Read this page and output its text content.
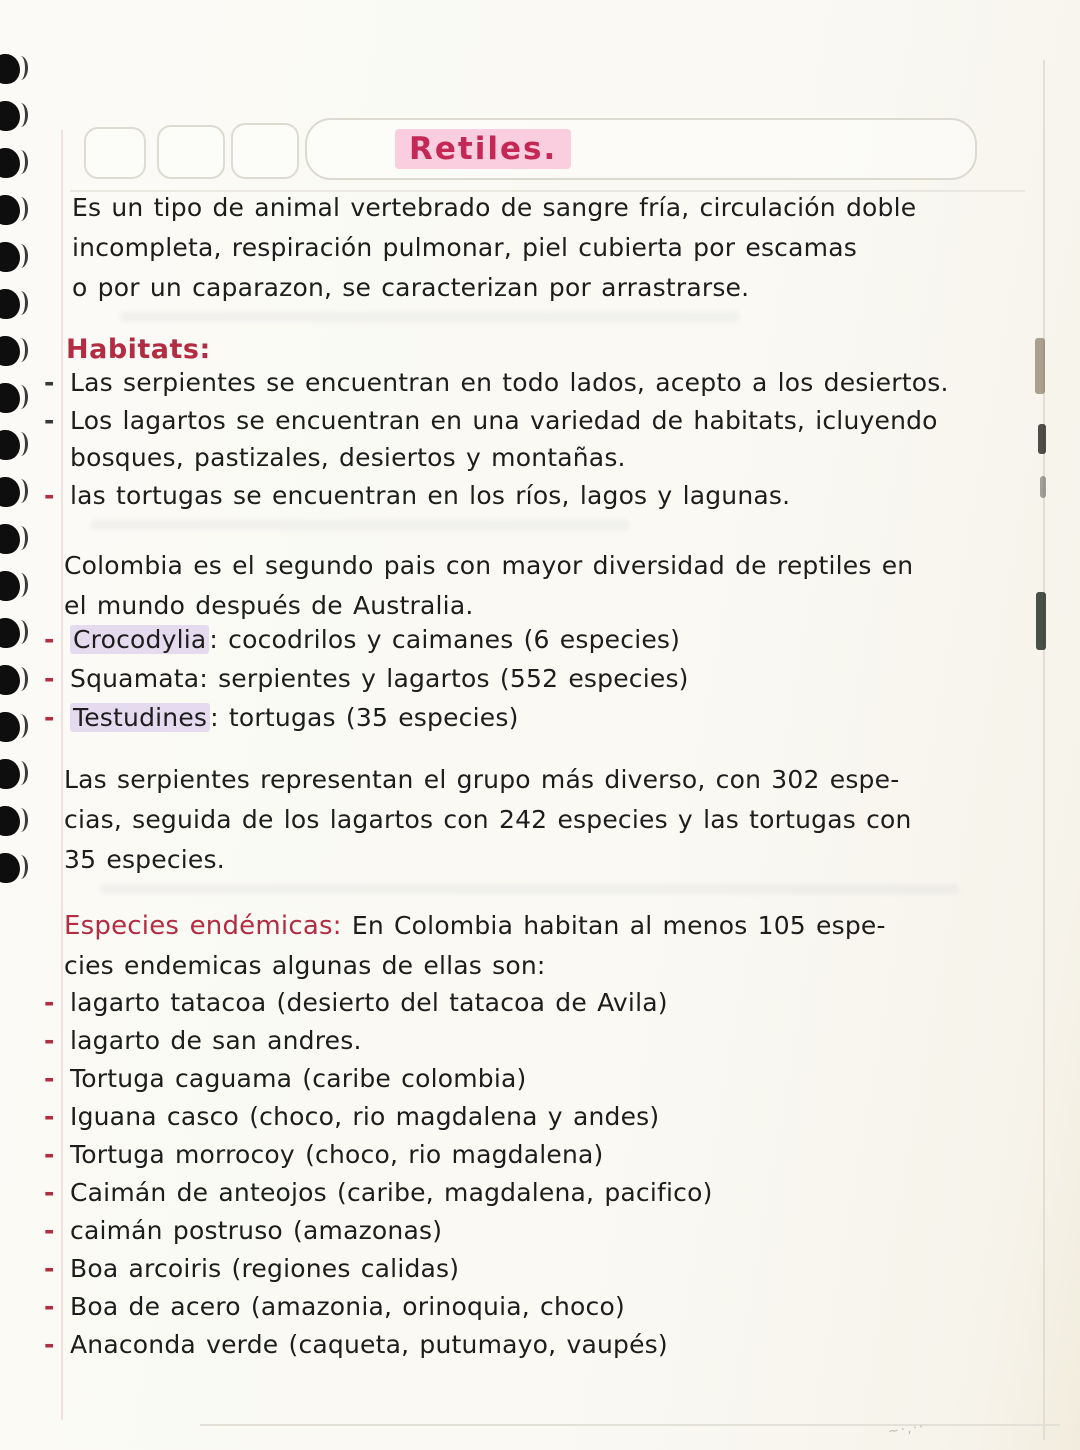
~·,··
Retiles.
Es un tipo de animal vertebrado de sangre fría, circulación doble
incompleta, respiración pulmonar, piel cubierta por escamas
o por un caparazon, se caracterizan por arrastrarse.
Habitats:
- Las serpientes se encuentran en todo lados, acepto a los desiertos.
- Los lagartos se encuentran en una variedad de habitats, icluyendo
bosques, pastizales, desiertos y montañas.
- las tortugas se encuentran en los ríos, lagos y lagunas.
Colombia es el segundo pais con mayor diversidad de reptiles en
el mundo después de Australia.
- Crocodylia : cocodrilos y caimanes (6 especies)
- Squamata: serpientes y lagartos (552 especies)
- Testudines : tortugas (35 especies)
Las serpientes representan el grupo más diverso, con 302 espe-
cias, seguida de los lagartos con 242 especies y las tortugas con
35 especies.
Especies endémicas: En Colombia habitan al menos 105 espe-
cies endemicas algunas de ellas son:
- lagarto tatacoa (desierto del tatacoa de Avila)
- lagarto de san andres.
- Tortuga caguama (caribe colombia)
- Iguana casco (choco, rio magdalena y andes)
- Tortuga morrocoy (choco, rio magdalena)
- Caimán de anteojos (caribe, magdalena, pacifico)
- caimán postruso (amazonas)
- Boa arcoiris (regiones calidas)
- Boa de acero (amazonia, orinoquia, choco)
- Anaconda verde (caqueta, putumayo, vaupés)
